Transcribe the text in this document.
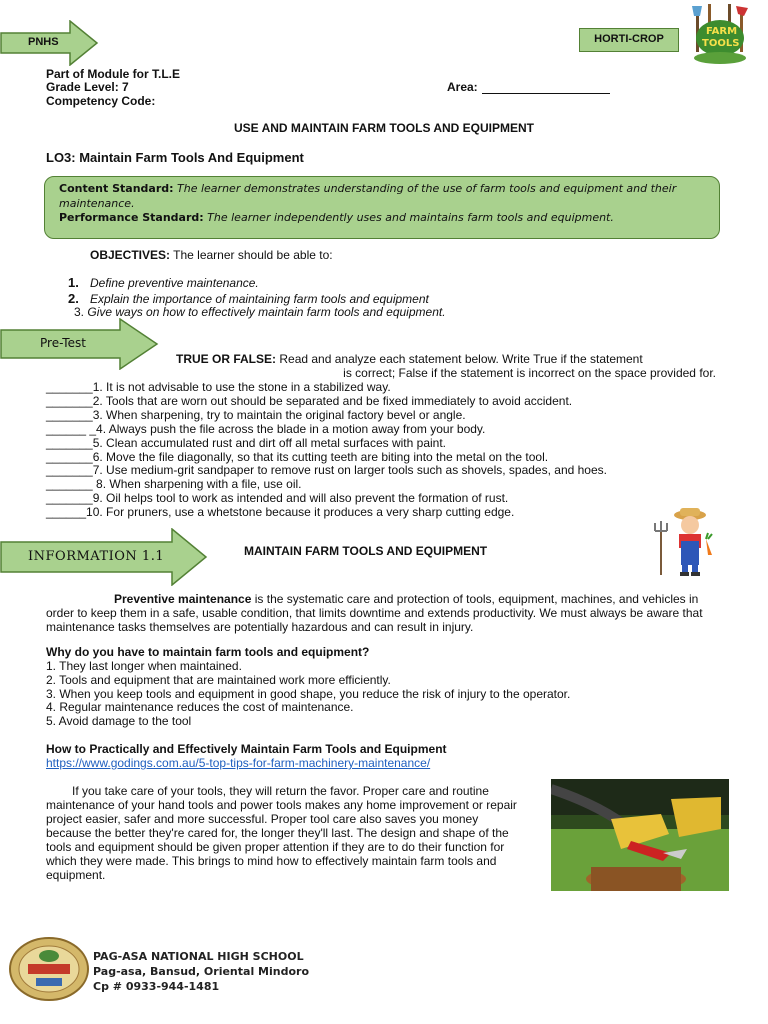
PNHS	HORTI-CROP
FARM
TOOLS
Part of Module for T.L.E
Grade Level: 7
Competency Code:
Area:
USE AND MAINTAIN FARM TOOLS AND EQUIPMENT
LO3: Maintain Farm Tools And Equipment
Content Standard: The learner demonstrates understanding of the use of farm tools and equipment and their maintenance.
Performance Standard: The learner independently uses and maintains farm tools and equipment.
OBJECTIVES: The learner should be able to:
1. Define preventive maintenance.
2. Explain the importance of maintaining farm tools and equipment
3. Give ways on how to effectively maintain farm tools and equipment.
Pre-Test
TRUE OR FALSE: Read and analyze each statement below. Write True if the statement
is correct; False if the statement is incorrect on the space provided for.
_______1. It is not advisable to use the stone in a stabilized way.
_______2. Tools that are worn out should be separated and be fixed immediately to avoid accident.
_______3. When sharpening, try to maintain the original factory bevel or angle.
______ _4. Always push the file across the blade in a motion away from your body.
_______5. Clean accumulated rust and dirt off all metal surfaces with paint.
_______6. Move the file diagonally, so that its cutting teeth are biting into the metal on the tool.
_______7. Use medium-grit sandpaper to remove rust on larger tools such as shovels, spades, and hoes.
_______ 8. When sharpening with a file, use oil.
_______9. Oil helps tool to work as intended and will also prevent the formation of rust.
______10. For pruners, use a whetstone because it produces a very sharp cutting edge.
INFORMATION 1.1	MAINTAIN FARM TOOLS AND EQUIPMENT
Preventive maintenance is the systematic care and protection of tools, equipment, machines, and vehicles in order to keep them in a safe, usable condition, that limits downtime and extends productivity. We must always be aware that maintenance tasks themselves are potentially hazardous and can result in injury.
Why do you have to maintain farm tools and equipment?
1. They last longer when maintained.
2. Tools and equipment that are maintained work more efficiently.
3. When you keep tools and equipment in good shape, you reduce the risk of injury to the operator.
4. Regular maintenance reduces the cost of maintenance.
5. Avoid damage to the tool
How to Practically and Effectively Maintain Farm Tools and Equipment
https://www.godings.com.au/5-top-tips-for-farm-machinery-maintenance/
If you take care of your tools, they will return the favor. Proper care and routine maintenance of your hand tools and power tools makes any home improvement or repair project easier, safer and more successful. Proper tool care also saves you money because the better they're cared for, the longer they'll last. The design and shape of the tools and equipment should be given proper attention if they are to do their function for which they were made. This brings to mind how to effectively maintain farm tools and equipment.
PAG-ASA NATIONAL HIGH SCHOOL
Pag-asa, Bansud, Oriental Mindoro
Cp # 0933-944-1481
